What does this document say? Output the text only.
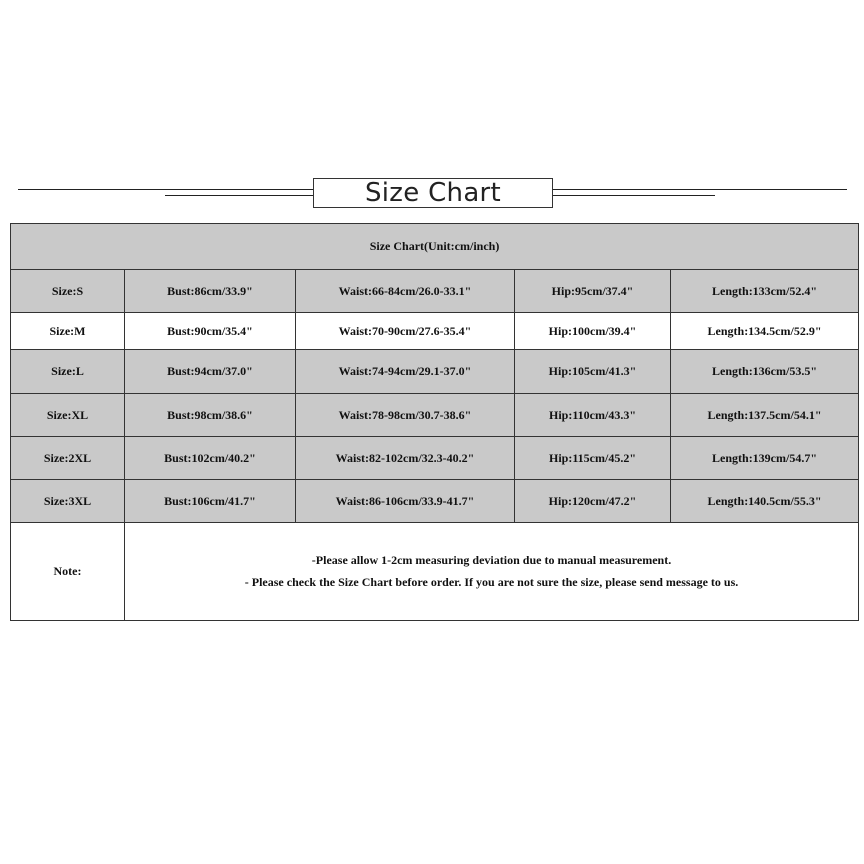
Size Chart
Size Chart(Unit:cm/inch)				
Size:S	Bust:86cm/33.9"	Waist:66-84cm/26.0-33.1"	Hip:95cm/37.4"	Length:133cm/52.4"
Size:M	Bust:90cm/35.4"	Waist:70-90cm/27.6-35.4"	Hip:100cm/39.4"	Length:134.5cm/52.9"
Size:L	Bust:94cm/37.0"	Waist:74-94cm/29.1-37.0"	Hip:105cm/41.3"	Length:136cm/53.5"
Size:XL	Bust:98cm/38.6"	Waist:78-98cm/30.7-38.6"	Hip:110cm/43.3"	Length:137.5cm/54.1"
Size:2XL	Bust:102cm/40.2"	Waist:82-102cm/32.3-40.2"	Hip:115cm/45.2"	Length:139cm/54.7"
Size:3XL	Bust:106cm/41.7"	Waist:86-106cm/33.9-41.7"	Hip:120cm/47.2"	Length:140.5cm/55.3"
Note:	-Please allow 1-2cm measuring deviation due to manual measurement.
- Please check the Size Chart before order. If you are not sure the size, please send message to us.			
